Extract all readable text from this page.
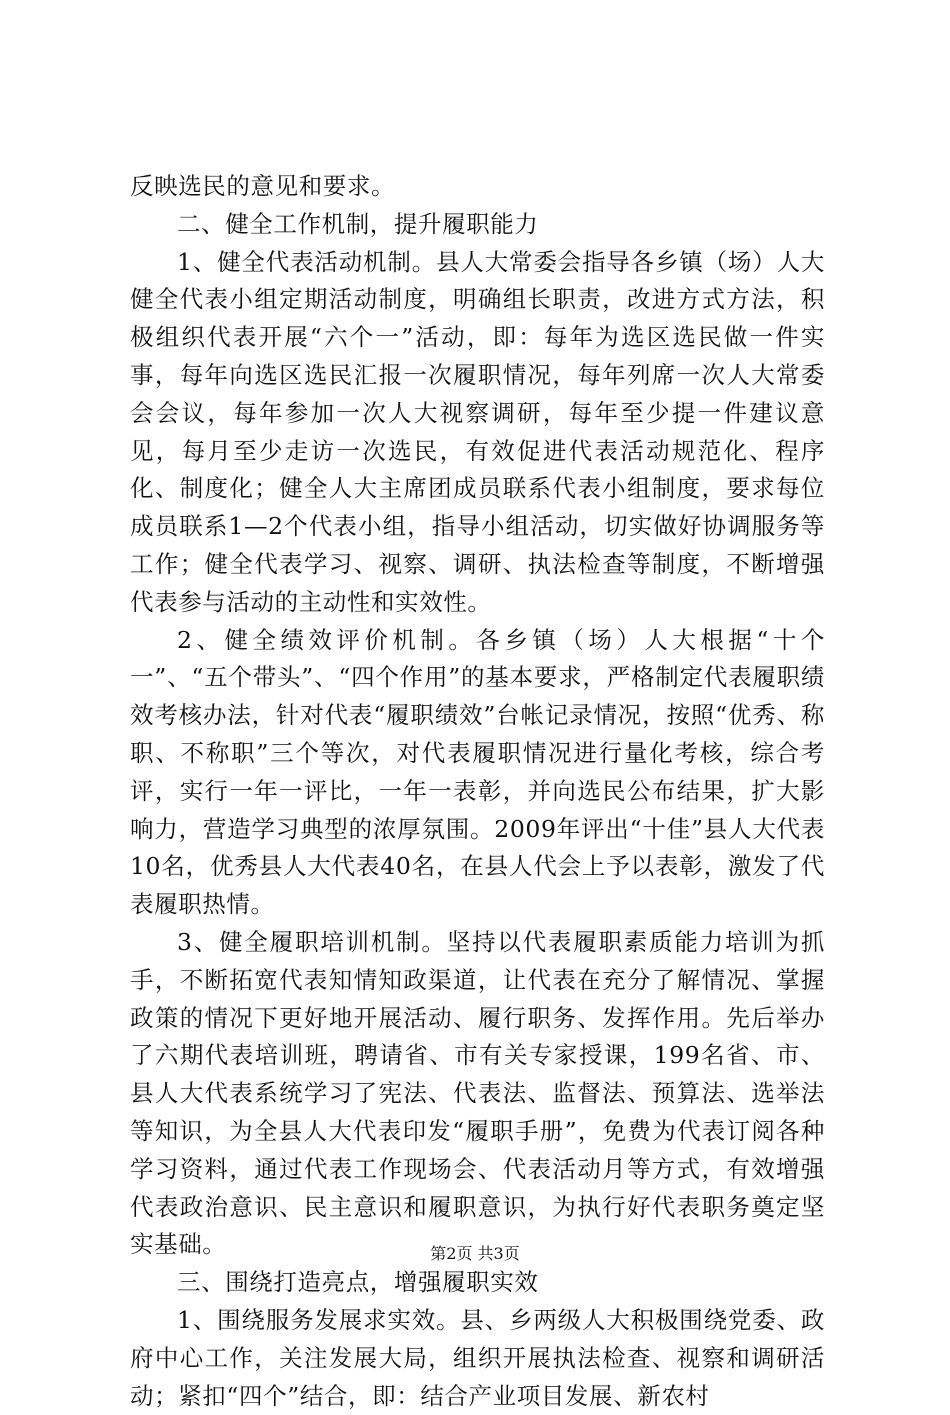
反映选民的意见和要求。

二、健全工作机制，提升履职能力

1、健全代表活动机制。县人大常委会指导各乡镇（场）人大健全代表小组定期活动制度，明确组长职责，改进方式方法，积极组织代表开展“六个一”活动，即：每年为选区选民做一件实事，每年向选区选民汇报一次履职情况，每年列席一次人大常委会会议，每年参加一次人大视察调研，每年至少提一件建议意见，每月至少走访一次选民，有效促进代表活动规范化、程序化、制度化；健全人大主席团成员联系代表小组制度，要求每位成员联系1—2个代表小组，指导小组活动，切实做好协调服务等工作；健全代表学习、视察、调研、执法检查等制度，不断增强代表参与活动的主动性和实效性。

2、健全绩效评价机制。各乡镇（场）人大根据“十个一”、“五个带头”、“四个作用”的基本要求，严格制定代表履职绩效考核办法，针对代表“履职绩效”台帐记录情况，按照“优秀、称职、不称职”三个等次，对代表履职情况进行量化考核，综合考评，实行一年一评比，一年一表彰，并向选民公布结果，扩大影响力，营造学习典型的浓厚氛围。2009年评出“十佳”县人大代表10名，优秀县人大代表40名，在县人代会上予以表彰，激发了代表履职热情。

3、健全履职培训机制。坚持以代表履职素质能力培训为抓手，不断拓宽代表知情知政渠道，让代表在充分了解情况、掌握政策的情况下更好地开展活动、履行职务、发挥作用。先后举办了六期代表培训班，聘请省、市有关专家授课，199名省、市、县人大代表系统学习了宪法、代表法、监督法、预算法、选举法等知识，为全县人大代表印发“履职手册”，免费为代表订阅各种学习资料，通过代表工作现场会、代表活动月等方式，有效增强代表政治意识、民主意识和履职意识，为执行好代表职务奠定坚实基础。

三、围绕打造亮点，增强履职实效

1、围绕服务发展求实效。县、乡两级人大积极围绕党委、政府中心工作，关注发展大局，组织开展执法检查、视察和调研活动；紧扣“四个”结合，即：结合产业项目发展、新农村

第2页 共3页
